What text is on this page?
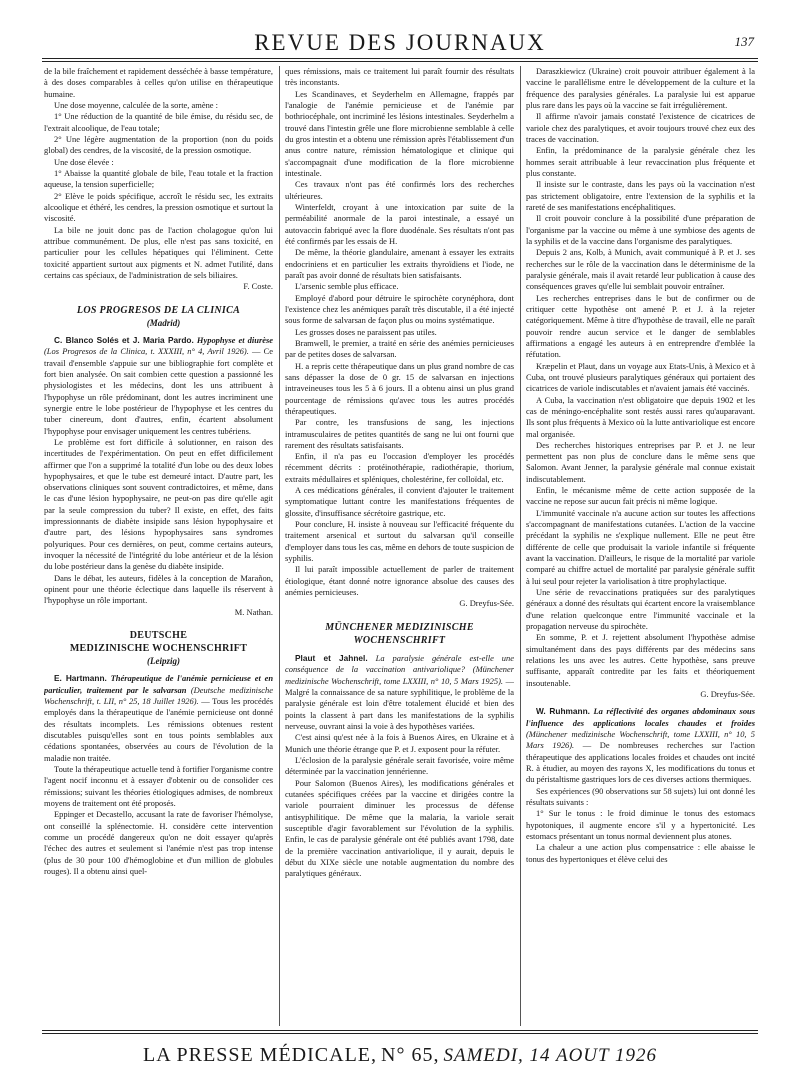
REVUE DES JOURNAUX	137

de la bile fraîchement et rapidement desséchée à basse température, à des doses comparables à celles qu'on utilise en thérapeutique humaine.

Une dose moyenne, calculée de la sorte, amène :

1° Une réduction de la quantité de bile émise, du résidu sec, de l'extrait alcoolique, de l'eau totale;

2° Une légère augmentation de la proportion (non du poids global) des cendres, de la viscosité, de la pression osmotique.

Une dose élevée :

1° Abaisse la quantité globale de bile, l'eau totale et la fraction aqueuse, la tension superficielle;

2° Elève le poids spécifique, accroît le résidu sec, les extraits alcoolique et éthéré, les cendres, la pression osmotique et surtout la viscosité.

La bile ne jouit donc pas de l'action cholagogue qu'on lui attribue communément. De plus, elle n'est pas sans toxicité, en particulier pour les cellules hépatiques qui l'éliminent. Cette toxicité appartient surtout aux pigments et N. admet l'utilité, dans certains cas spéciaux, de l'administration de sels biliaires.

F. Coste.

LOS PROGRESOS DE LA CLINICA

(Madrid)

C. Blanco Solés et J. Maria Pardo. Hypophyse et diurèse (Los Progresos de la Clinica, t. XXXIII, n° 4, Avril 1926). — Ce travail d'ensemble s'appuie sur une bibliographie fort complète et fort bien analysée. On sait combien cette question a passionné les physiologistes et les médecins, dont les uns attribuent à l'hypophyse un rôle prédominant, dont les autres incriminent une synergie entre le lobe postérieur de l'hypophyse et les centres du tuber cinereum, dont d'autres, enfin, écartent absolument l'hypophyse pour envisager uniquement les centres tubériens.

Le problème est fort difficile à solutionner, en raison des incertitudes de l'expérimentation. On peut en effet difficilement affirmer que l'on a supprimé la totalité d'un lobe ou des deux lobes hypophysaires, et que le tube est demeuré intact. D'autre part, les observations cliniques sont souvent contradictoires, et même, dans le cas d'une lésion hypophysaire, ne peut-on pas dire qu'elle agit par la seule compression du tuber? Il existe, en effet, des faits impressionnants de diabète insipide sans lésion hypophysaire et d'autre part, des lésions hypophysaires sans syndromes polyuriques. Pour ces dernières, on peut, comme certains auteurs, invoquer la nécessité de l'intégrité du lobe antérieur et de la lésion du lobe postérieur dans la genèse du diabète insipide.

Dans le débat, les auteurs, fidèles à la conception de Marañon, opinent pour une théorie éclectique dans laquelle ils réservent à l'hypophyse un rôle important.

M. Nathan.

DEUTSCHE
MEDIZINISCHE WOCHENSCHRIFT

(Leipzig)

E. Hartmann. Thérapeutique de l'anémie pernicieuse et en particulier, traitement par le salvarsan (Deutsche medizinische Wochenschrift, t. LII, n° 25, 18 Juillet 1926). — Tous les procédés employés dans la thérapeutique de l'anémie pernicieuse ont donné des résultats incomplets. Les rémissions obtenues restent discutables puisqu'elles sont en tous points semblables aux cédations spontanées, observées au cours de l'évolution de la maladie non traitée.

Toute la thérapeutique actuelle tend à fortifier l'organisme contre l'agent nocif inconnu et à essayer d'obtenir ou de consolider ces rémissions; suivant les théories étiologiques admises, de nombreux moyens de traitement ont été proposés.

Eppinger et Decastello, accusant la rate de favoriser l'hémolyse, ont conseillé la splénectomie. H. considère cette intervention comme un procédé dangereux qu'on ne doit essayer qu'après l'échec des autres et seulement si l'anémie n'est pas trop intense (plus de 30 pour 100 d'hémoglobine et d'un million de globules rouges). Il a obtenu ainsi quel-

ques rémissions, mais ce traitement lui paraît fournir des résultats très inconstants.

Les Scandinaves, et Seyderhelm en Allemagne, frappés par l'analogie de l'anémie pernicieuse et de l'anémie par bothriocéphale, ont incriminé les lésions intestinales. Seyderhelm a trouvé dans l'intestin grêle une flore microbienne semblable à celle du gros intestin et a obtenu une rémission après l'établissement d'un anus contre nature, rémission hématologique et clinique qui s'accompagnait d'une modification de la flore microbienne intestinale.

Ces travaux n'ont pas été confirmés lors des recherches ultérieures.

Winterfeldt, croyant à une intoxication par suite de la perméabilité anormale de la paroi intestinale, a essayé un autovaccin fabriqué avec la flore duodénale. Ses résultats n'ont pas été confirmés par les essais de H.

De même, la théorie glandulaire, amenant à essayer les extraits endocriniens et en particulier les extraits thyroïdiens et l'iode, ne paraît pas avoir donné de résultats bien satisfaisants.

L'arsenic semble plus efficace.

Employé d'abord pour détruire le spirochète corynéphora, dont l'existence chez les anémiques paraît très discutable, il a été injecté sous forme de salvarsan de façon plus ou moins systématique.

Les grosses doses ne paraissent pas utiles.

Bramwell, le premier, a traité en série des anémies pernicieuses par de petites doses de salvarsan.

H. a repris cette thérapeutique dans un plus grand nombre de cas sans dépasser la dose de 0 gr. 15 de salvarsan en injections intraveineuses tous les 5 à 6 jours. Il a obtenu ainsi un plus grand pourcentage de rémissions qu'avec tous les autres procédés thérapeutiques.

Par contre, les transfusions de sang, les injections intramusculaires de petites quantités de sang ne lui ont fourni que rarement des résultats satisfaisants.

Enfin, il n'a pas eu l'occasion d'employer les procédés récemment décrits : protéinothérapie, radiothérapie, thorium, extraits médullaires et spléniques, cholestérine, fer colloïdal, etc.

A ces médications générales, il convient d'ajouter le traitement symptomatique luttant contre les manifestations fréquentes de glossite, d'insuffisance sécrétoire gastrique, etc.

Pour conclure, H. insiste à nouveau sur l'efficacité fréquente du traitement arsenical et surtout du salvarsan qu'il conseille d'employer dans tous les cas, même en dehors de toute suspicion de syphilis.

Il lui paraît impossible actuellement de parler de traitement étiologique, étant donné notre ignorance absolue des causes des anémies pernicieuses.

G. Dreyfus-Sée.

MÜNCHENER MEDIZINISCHE
WOCHENSCHRIFT

Plaut et Jahnel. La paralysie générale est-elle une conséquence de la vaccination antivariolique? (Münchener medizinische Wochenschrift, tome LXXIII, n° 10, 5 Mars 1925). — Malgré la connaissance de sa nature syphilitique, le problème de la paralysie générale est loin d'être totalement élucidé et bien des points la classent à part dans les manifestations de la syphilis nerveuse, ouvrant ainsi la voie à des hypothèses variées.

C'est ainsi qu'est née à la fois à Buenos Aires, en Ukraine et à Munich une théorie étrange que P. et J. exposent pour la réfuter.

L'éclosion de la paralysie générale serait favorisée, voire même déterminée par la vaccination jennérienne.

Pour Salomon (Buenos Aires), les modifications générales et cutanées spécifiques créées par la vaccine et dirigées contre la variole pourraient diminuer les processus de défense antisyphilitique. De même que la malaria, la variole serait susceptible d'agir favorablement sur l'évolution de la syphilis. Enfin, le cas de paralysie générale ont été publiés avant 1798, date de la première vaccination antivariolique, il y aurait, depuis le début du XIXe siècle une notable augmentation du nombre des paralytiques généraux.

Daraszkiewicz (Ukraine) croit pouvoir attribuer également à la vaccine le parallélisme entre le développement de la culture et la fréquence des paralysies générales. La paralysie lui est apparue plus rare dans les pays où la vaccine se fait irrégulièrement.

Il affirme n'avoir jamais constaté l'existence de cicatrices de variole chez des paralytiques, et avoir toujours trouvé chez eux des traces de vaccination.

Enfin, la prédominance de la paralysie générale chez les hommes serait attribuable à leur revaccination plus fréquente et plus constante.

Il insiste sur le contraste, dans les pays où la vaccination n'est pas strictement obligatoire, entre l'extension de la syphilis et la rareté de ses manifestations encéphalitiques.

Il croit pouvoir conclure à la possibilité d'une préparation de l'organisme par la vaccine ou même à une symbiose des agents de la syphilis et de la vaccine dans l'organisme des paralytiques.

Depuis 2 ans, Kolb, à Munich, avait communiqué à P. et J. ses recherches sur le rôle de la vaccination dans le déterminisme de la paralysie générale, mais il avait retardé leur publication à cause des conséquences graves qu'elle lui semblait pouvoir entraîner.

Les recherches entreprises dans le but de confirmer ou de critiquer cette hypothèse ont amené P. et J. à la rejeter catégoriquement. Même à titre d'hypothèse de travail, elle ne paraît pouvoir rendre aucun service et le danger de semblables affirmations a engagé les auteurs à en entreprendre d'emblée la réfutation.

Kræpelin et Plaut, dans un voyage aux Etats-Unis, à Mexico et à Cuba, ont trouvé plusieurs paralytiques généraux qui portaient des cicatrices de variole indiscutables et n'avaient jamais été vaccinés.

A Cuba, la vaccination n'est obligatoire que depuis 1902 et les cas de méningo-encéphalite sont restés aussi rares qu'auparavant. Ils sont plus fréquents à Mexico où la lutte antivariolique est encore mal organisée.

Des recherches historiques entreprises par P. et J. ne leur permettent pas non plus de conclure dans le même sens que Salomon. Avant Jenner, la paralysie générale mal connue existait indiscutablement.

Enfin, le mécanisme même de cette action supposée de la vaccine ne repose sur aucun fait précis ni même logique.

L'immunité vaccinale n'a aucune action sur toutes les affections s'accompagnant de manifestations cutanées. L'action de la vaccine précédant la syphilis ne s'explique nullement. Elle ne peut être différente de celle que produisait la variole infantile si fréquente avant la vaccination. D'ailleurs, le risque de la mortalité par variole comparé au chiffre actuel de mortalité par paralysie générale suffit à lui seul pour rejeter la variolisation à titre prophylactique.

Une série de revaccinations pratiquées sur des paralytiques généraux a donné des résultats qui écartent encore la vraisemblance d'une relation quelconque entre l'immunité vaccinale et la propagation nerveuse du spirochète.

En somme, P. et J. rejettent absolument l'hypothèse admise simultanément dans des pays différents par des médecins sans relations les uns avec les autres. Cette hypothèse, sans preuve suffisante, apparaît contredite par les faits et théoriquement insoutenable.

G. Dreyfus-Sée.

W. Ruhmann. La réflectivité des organes abdominaux sous l'influence des applications locales chaudes et froides (Münchener medizinische Wochenschrift, tome LXXIII, n° 10, 5 Mars 1926). — De nombreuses recherches sur l'action thérapeutique des applications locales froides et chaudes ont incité R. à étudier, au moyen des rayons X, les modifications du tonus et du péristaltisme gastriques lors de ces diverses actions thermiques.

Ses expériences (90 observations sur 58 sujets) lui ont donné les résultats suivants :

1° Sur le tonus : le froid diminue le tonus des estomacs hypotoniques, il augmente encore s'il y a hypertonicité. Les estomacs présentant un tonus normal deviennent plus atones.

La chaleur a une action plus compensatrice : elle abaisse le tonus des hypertoniques et élève celui des

LA PRESSE MÉDICALE, N° 65, SAMEDI, 14 AOUT 1926
